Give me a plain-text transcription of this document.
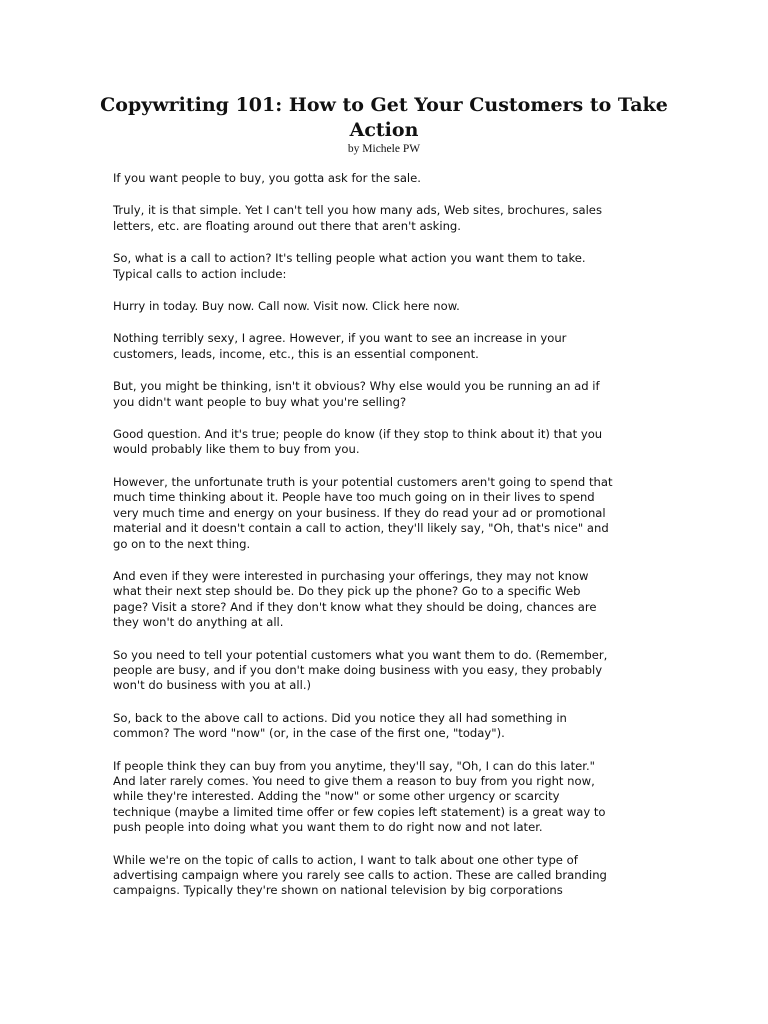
Copywriting 101: How to Get Your Customers to Take Action
by Michele PW

If you want people to buy, you gotta ask for the sale.

Truly, it is that simple. Yet I can't tell you how many ads, Web sites, brochures, sales
letters, etc. are floating around out there that aren't asking.

So, what is a call to action? It's telling people what action you want them to take.
Typical calls to action include:

Hurry in today. Buy now. Call now. Visit now. Click here now.

Nothing terribly sexy, I agree. However, if you want to see an increase in your
customers, leads, income, etc., this is an essential component.

But, you might be thinking, isn't it obvious? Why else would you be running an ad if
you didn't want people to buy what you're selling?

Good question. And it's true; people do know (if they stop to think about it) that you
would probably like them to buy from you.

However, the unfortunate truth is your potential customers aren't going to spend that
much time thinking about it. People have too much going on in their lives to spend
very much time and energy on your business. If they do read your ad or promotional
material and it doesn't contain a call to action, they'll likely say, "Oh, that's nice" and
go on to the next thing.

And even if they were interested in purchasing your offerings, they may not know
what their next step should be. Do they pick up the phone? Go to a specific Web
page? Visit a store? And if they don't know what they should be doing, chances are
they won't do anything at all.

So you need to tell your potential customers what you want them to do. (Remember,
people are busy, and if you don't make doing business with you easy, they probably
won't do business with you at all.)

So, back to the above call to actions. Did you notice they all had something in
common? The word "now" (or, in the case of the first one, "today").

If people think they can buy from you anytime, they'll say, "Oh, I can do this later."
And later rarely comes. You need to give them a reason to buy from you right now,
while they're interested. Adding the "now" or some other urgency or scarcity
technique (maybe a limited time offer or few copies left statement) is a great way to
push people into doing what you want them to do right now and not later.

While we're on the topic of calls to action, I want to talk about one other type of
advertising campaign where you rarely see calls to action. These are called branding
campaigns. Typically they're shown on national television by big corporations
